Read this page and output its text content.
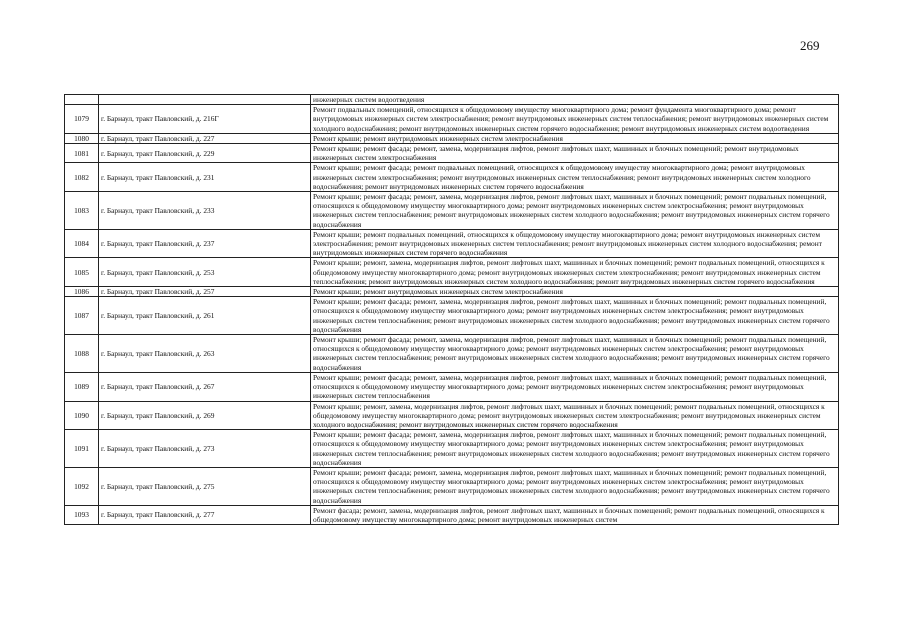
269
		инженерных систем водоотведения
1079	г. Барнаул, тракт Павловский, д. 216Г	Ремонт подвальных помещений, относящихся к общедомовому имуществу многоквартирного дома; ремонт фундамента многоквартирного дома; ремонт внутридомовых инженерных систем электроснабжения; ремонт внутридомовых инженерных систем теплоснабжения; ремонт внутридомовых инженерных систем холодного водоснабжения; ремонт внутридомовых инженерных систем горячего водоснабжения; ремонт внутридомовых инженерных систем водоотведения
1080	г. Барнаул, тракт Павловский, д. 227	Ремонт крыши; ремонт внутридомовых инженерных систем электроснабжения
1081	г. Барнаул, тракт Павловский, д. 229	Ремонт крыши; ремонт фасада; ремонт, замена, модернизация лифтов, ремонт лифтовых шахт, машинных и блочных помещений; ремонт внутридомовых инженерных систем электроснабжения
1082	г. Барнаул, тракт Павловский, д. 231	Ремонт крыши; ремонт фасада; ремонт подвальных помещений, относящихся к общедомовому имуществу многоквартирного дома; ремонт внутридомовых инженерных систем электроснабжения; ремонт внутридомовых инженерных систем теплоснабжения; ремонт внутридомовых инженерных систем холодного водоснабжения; ремонт внутридомовых инженерных систем горячего водоснабжения
1083	г. Барнаул, тракт Павловский, д. 233	Ремонт крыши; ремонт фасада; ремонт, замена, модернизация лифтов, ремонт лифтовых шахт, машинных и блочных помещений; ремонт подвальных помещений, относящихся к общедомовому имуществу многоквартирного дома; ремонт внутридомовых инженерных систем электроснабжения; ремонт внутридомовых инженерных систем теплоснабжения; ремонт внутридомовых инженерных систем холодного водоснабжения; ремонт внутридомовых инженерных систем горячего водоснабжения
1084	г. Барнаул, тракт Павловский, д. 237	Ремонт крыши; ремонт подвальных помещений, относящихся к общедомовому имуществу многоквартирного дома; ремонт внутридомовых инженерных систем электроснабжения; ремонт внутридомовых инженерных систем теплоснабжения; ремонт внутридомовых инженерных систем холодного водоснабжения; ремонт внутридомовых инженерных систем горячего водоснабжения
1085	г. Барнаул, тракт Павловский, д. 253	Ремонт крыши; ремонт, замена, модернизация лифтов, ремонт лифтовых шахт, машинных и блочных помещений; ремонт подвальных помещений, относящихся к общедомовому имуществу многоквартирного дома; ремонт внутридомовых инженерных систем электроснабжения; ремонт внутридомовых инженерных систем теплоснабжения; ремонт внутридомовых инженерных систем холодного водоснабжения; ремонт внутридомовых инженерных систем горячего водоснабжения
1086	г. Барнаул, тракт Павловский, д. 257	Ремонт крыши; ремонт внутридомовых инженерных систем электроснабжения
1087	г. Барнаул, тракт Павловский, д. 261	Ремонт крыши; ремонт фасада; ремонт, замена, модернизация лифтов, ремонт лифтовых шахт, машинных и блочных помещений; ремонт подвальных помещений, относящихся к общедомовому имуществу многоквартирного дома; ремонт внутридомовых инженерных систем электроснабжения; ремонт внутридомовых инженерных систем теплоснабжения; ремонт внутридомовых инженерных систем холодного водоснабжения; ремонт внутридомовых инженерных систем горячего водоснабжения
1088	г. Барнаул, тракт Павловский, д. 263	Ремонт крыши; ремонт фасада; ремонт, замена, модернизация лифтов, ремонт лифтовых шахт, машинных и блочных помещений; ремонт подвальных помещений, относящихся к общедомовому имуществу многоквартирного дома; ремонт внутридомовых инженерных систем электроснабжения; ремонт внутридомовых инженерных систем теплоснабжения; ремонт внутридомовых инженерных систем холодного водоснабжения; ремонт внутридомовых инженерных систем горячего водоснабжения
1089	г. Барнаул, тракт Павловский, д. 267	Ремонт крыши; ремонт фасада; ремонт, замена, модернизация лифтов, ремонт лифтовых шахт, машинных и блочных помещений; ремонт подвальных помещений, относящихся к общедомовому имуществу многоквартирного дома; ремонт внутридомовых инженерных систем электроснабжения; ремонт внутридомовых инженерных систем теплоснабжения
1090	г. Барнаул, тракт Павловский, д. 269	Ремонт крыши; ремонт, замена, модернизация лифтов, ремонт лифтовых шахт, машинных и блочных помещений; ремонт подвальных помещений, относящихся к общедомовому имуществу многоквартирного дома; ремонт внутридомовых инженерных систем электроснабжения; ремонт внутридомовых инженерных систем холодного водоснабжения; ремонт внутридомовых инженерных систем горячего водоснабжения
1091	г. Барнаул, тракт Павловский, д. 273	Ремонт крыши; ремонт фасада; ремонт, замена, модернизация лифтов, ремонт лифтовых шахт, машинных и блочных помещений; ремонт подвальных помещений, относящихся к общедомовому имуществу многоквартирного дома; ремонт внутридомовых инженерных систем электроснабжения; ремонт внутридомовых инженерных систем теплоснабжения; ремонт внутридомовых инженерных систем холодного водоснабжения; ремонт внутридомовых инженерных систем горячего водоснабжения
1092	г. Барнаул, тракт Павловский, д. 275	Ремонт крыши; ремонт фасада; ремонт, замена, модернизация лифтов, ремонт лифтовых шахт, машинных и блочных помещений; ремонт подвальных помещений, относящихся к общедомовому имуществу многоквартирного дома; ремонт внутридомовых инженерных систем электроснабжения; ремонт внутридомовых инженерных систем теплоснабжения; ремонт внутридомовых инженерных систем холодного водоснабжения; ремонт внутридомовых инженерных систем горячего водоснабжения
1093	г. Барнаул, тракт Павловский, д. 277	Ремонт фасада; ремонт, замена, модернизация лифтов, ремонт лифтовых шахт, машинных и блочных помещений; ремонт подвальных помещений, относящихся к общедомовому имуществу многоквартирного дома; ремонт внутридомовых инженерных систем
